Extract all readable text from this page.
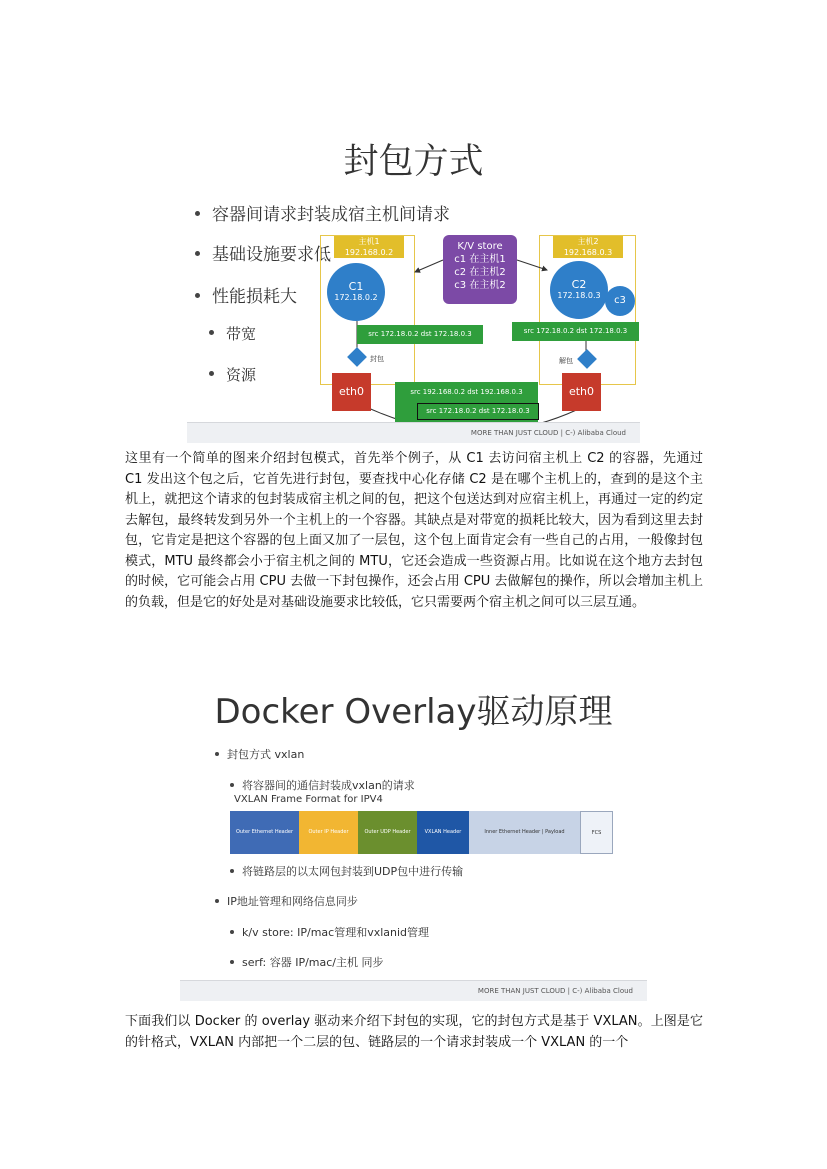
封包方式
容器间请求封装成宿主机间请求
基础设施要求低
性能损耗大
带宽
资源
主机1
192.168.0.2
C1
172.18.0.2
K/V store
c1 在主机1
c2 在主机2
c3 在主机2
主机2
192.168.0.3
C2
172.18.0.3	c3
src 172.18.0.2 dst 172.18.0.3	src 172.18.0.2 dst 172.18.0.3
src 192.168.0.2 dst 192.168.0.3
src 172.18.0.2 dst 172.18.0.3
封包	解包
eth0	eth0
MORE THAN JUST CLOUD | C-) Alibaba Cloud
这里有一个简单的图来介绍封包模式，首先举个例子，从 C1 去访问宿主机上 C2 的容器，先通过 C1 发出这个包之后，它首先进行封包，要查找中心化存储 C2 是在哪个主机上的，查到的是这个主机上，就把这个请求的包封装成宿主机之间的包，把这个包送达到对应宿主机上，再通过一定的约定去解包，最终转发到另外一个主机上的一个容器。其缺点是对带宽的损耗比较大，因为看到这里去封包，它肯定是把这个容器的包上面又加了一层包，这个包上面肯定会有一些自己的占用，一般像封包模式，MTU 最终都会小于宿主机之间的 MTU，它还会造成一些资源占用。比如说在这个地方去封包的时候，它可能会占用 CPU 去做一下封包操作，还会占用 CPU 去做解包的操作，所以会增加主机上的负载，但是它的好处是对基础设施要求比较低，它只需要两个宿主机之间可以三层互通。
Docker Overlay驱动原理
封包方式 vxlan
将容器间的通信封装成vxlan的请求
VXLAN Frame Format for IPV4
Outer Ethernet Header	Outer IP Header	Outer UDP Header	VXLAN Header	Inner Ethernet Header | Payload	FCS
将链路层的以太网包封装到UDP包中进行传输
IP地址管理和网络信息同步
k/v store: IP/mac管理和vxlanid管理
serf: 容器 IP/mac/主机 同步
MORE THAN JUST CLOUD | C-) Alibaba Cloud
下面我们以 Docker 的 overlay 驱动来介绍下封包的实现，它的封包方式是基于 VXLAN。上图是它的针格式，VXLAN 内部把一个二层的包、链路层的一个请求封装成一个 VXLAN 的一个
